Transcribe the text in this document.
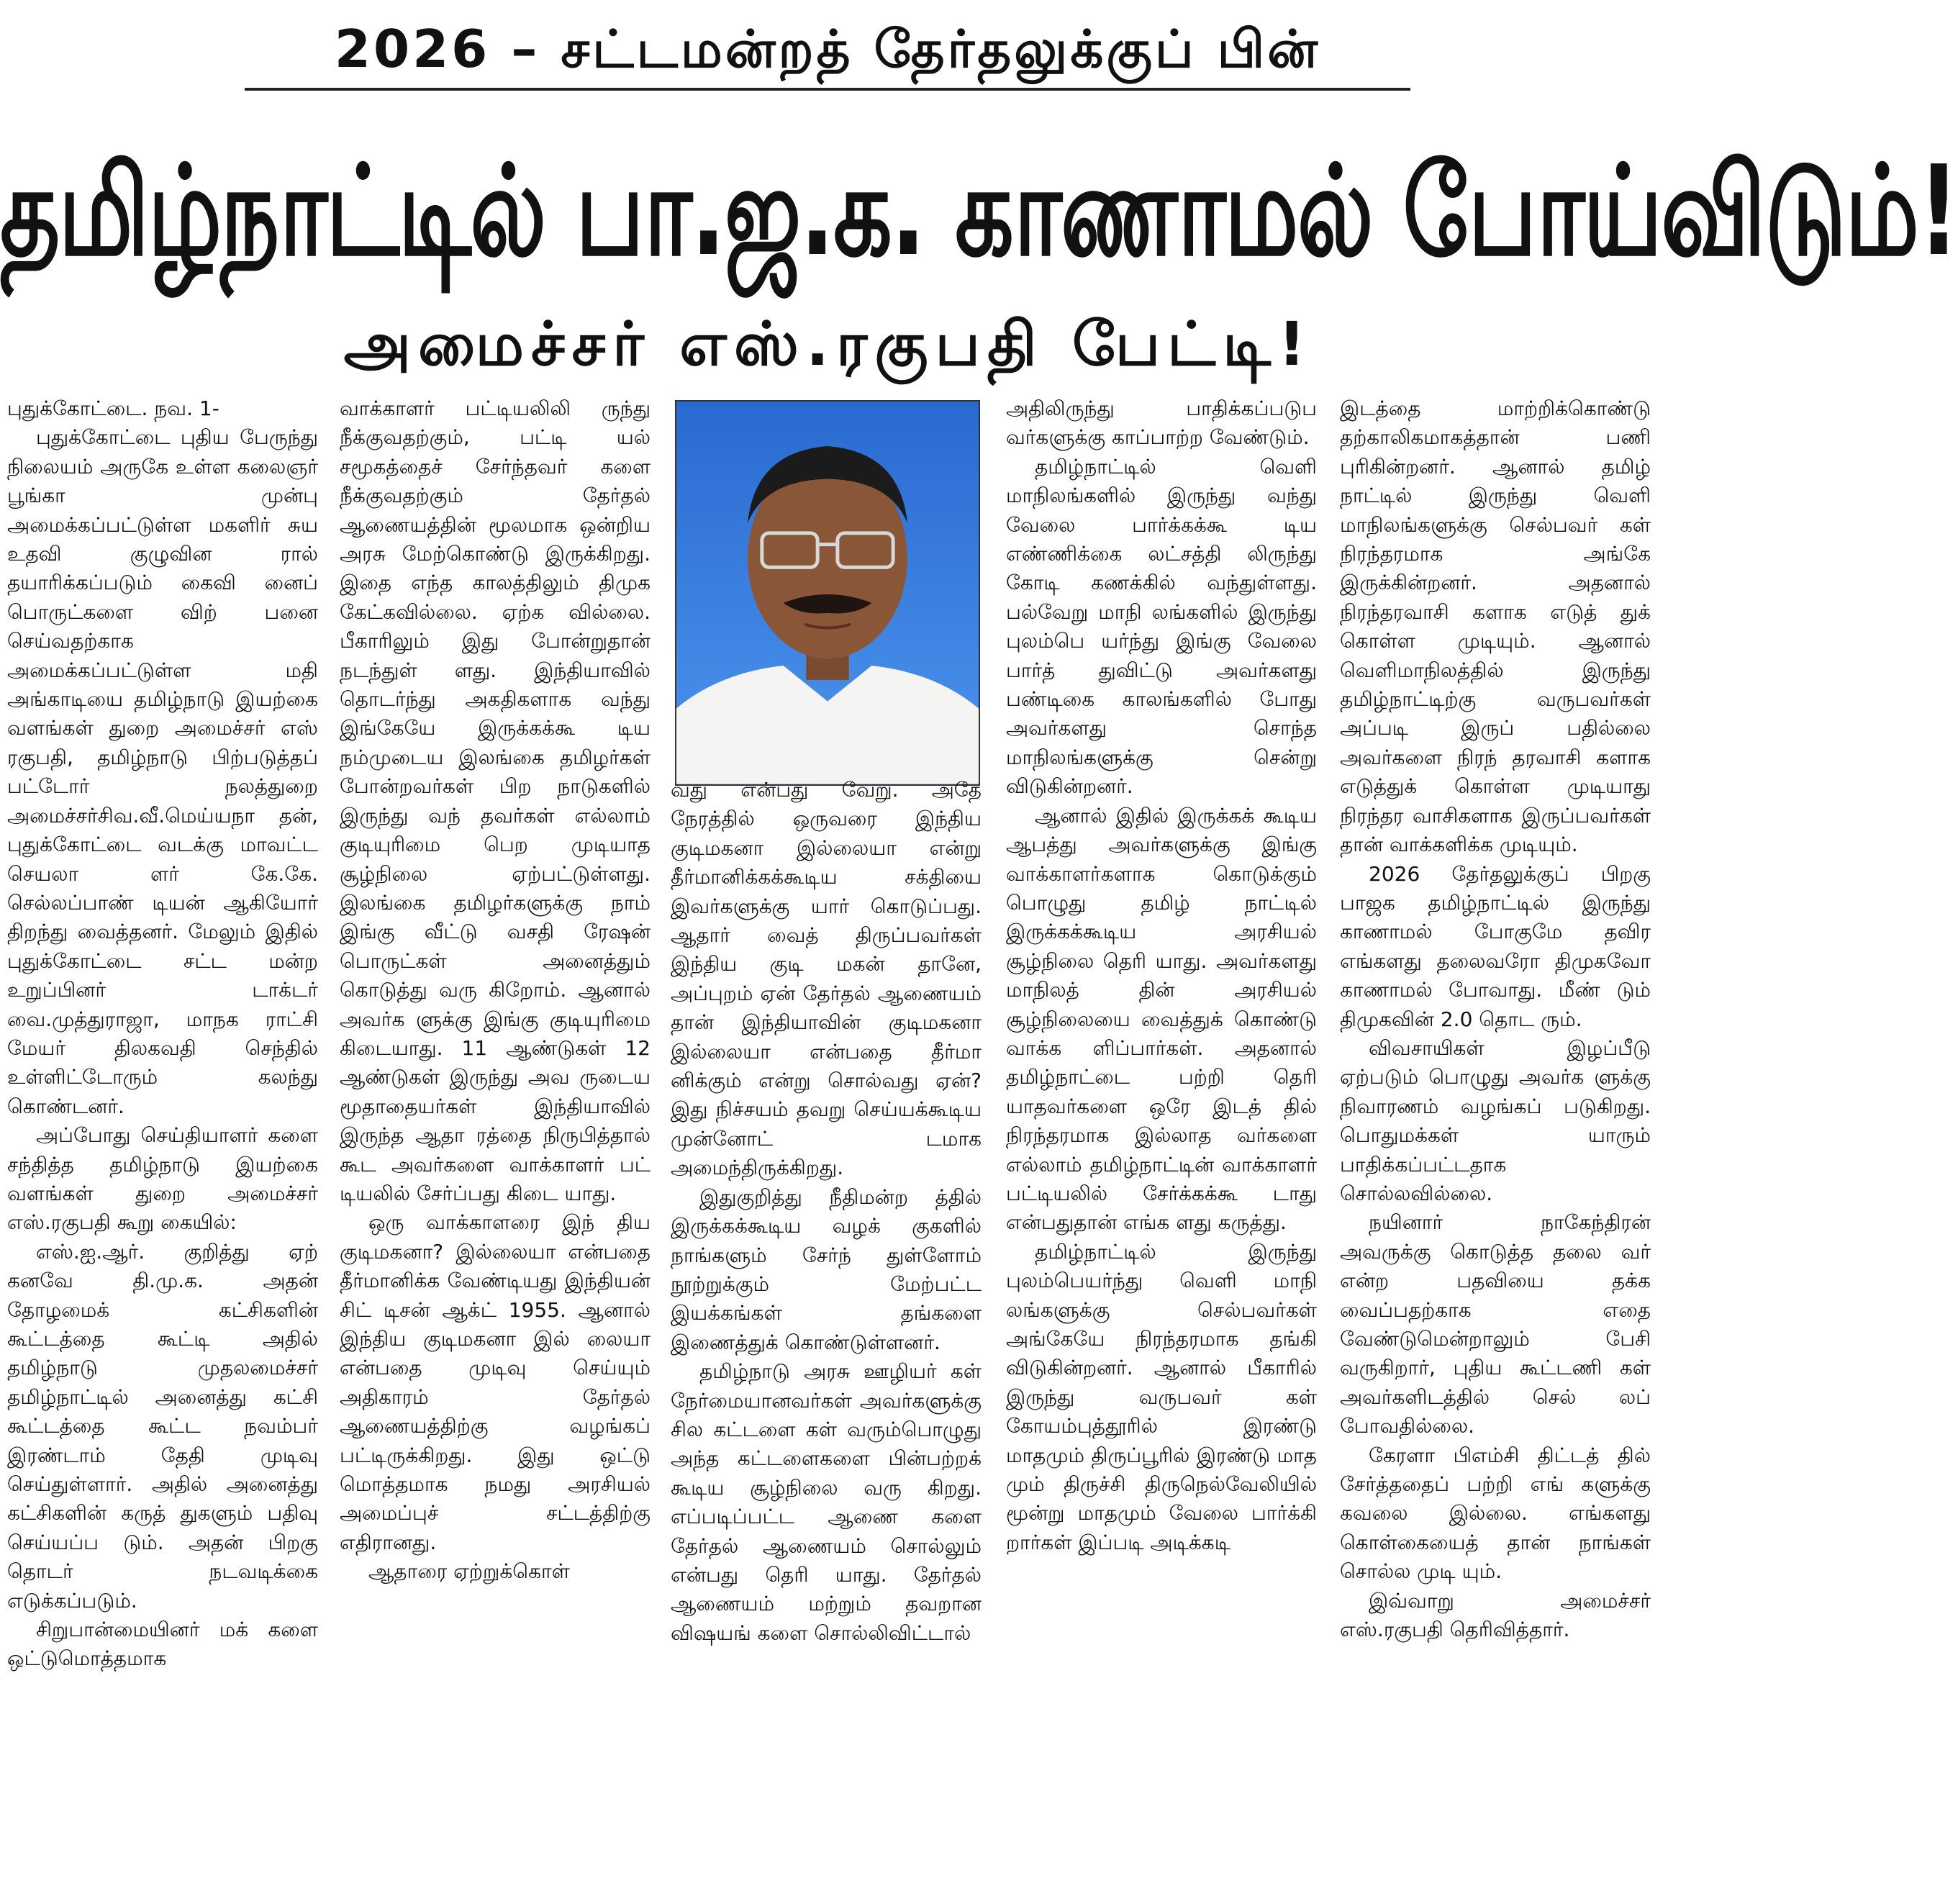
2026 – சட்டமன்றத் தேர்தலுக்குப் பின்
தமிழ்நாட்டில் பா.ஜ.க. காணாமல் போய்விடும்!
அமைச்சர் எஸ்.ரகுபதி பேட்டி!

புதுக்கோட்டை. நவ. 1-

புதுக்கோட்டை புதிய பேருந்து நிலையம் அருகே உள்ள கலைஞர் பூங்கா முன்பு அமைக்கப்பட்டுள்ள மகளிர் சுய உதவி குழுவின ரால் தயாரிக்கப்படும் கைவி னைப் பொருட்களை விற் பனை செய்வதற்காக அமைக்கப்பட்டுள்ள மதி அங்காடியை தமிழ்நாடு இயற்கை வளங்கள் துறை அமைச்சர் எஸ் ரகுபதி, தமிழ்நாடு பிற்படுத்தப் பட்டோர் நலத்துறை அமைச்சர்சிவ.வீ.மெய்யநா தன், புதுக்கோட்டை வடக்கு மாவட்ட செயலா ளர் கே.கே. செல்லப்பாண் டியன் ஆகியோர் திறந்து வைத்தனர். மேலும் இதில் புதுக்கோட்டை சட்ட மன்ற உறுப்பினர் டாக்டர் வை.முத்துராஜா, மாநக ராட்சி மேயர் திலகவதி செந்தில் உள்ளிட்டோரும் கலந்து கொண்டனர்.

அப்போது செய்தியாளர் களை சந்தித்த தமிழ்நாடு இயற்கை வளங்கள் துறை அமைச்சர் எஸ்.ரகுபதி கூறு கையில்:

எஸ்.ஐ.ஆர். குறித்து ஏற் கனவே தி.மு.க. அதன் தோழமைக் கட்சிகளின் கூட்டத்தை கூட்டி அதில் தமிழ்நாடு முதலமைச்சர் தமிழ்நாட்டில் அனைத்து கட்சி கூட்டத்தை கூட்ட நவம்பர் இரண்டாம் தேதி முடிவு செய்துள்ளார். அதில் அனைத்து கட்சிகளின் கருத் துகளும் பதிவு செய்யப்ப டும். அதன் பிறகு தொடர் நடவடிக்கை எடுக்கப்படும்.

சிறுபான்மையினர் மக் களை ஒட்டுமொத்தமாக

வாக்காளர் பட்டியலிலி ருந்து நீக்குவதற்கும், பட்டி யல் சமூகத்தைச் சேர்ந்தவர் களை நீக்குவதற்கும் தேர்தல் ஆணையத்தின் மூலமாக ஒன்றிய அரசு மேற்கொண்டு இருக்கிறது. இதை எந்த காலத்திலும் திமுக கேட்கவில்லை. ஏற்க வில்லை. பீகாரிலும் இது போன்றுதான் நடந்துள் ளது. இந்தியாவில் தொடர்ந்து அகதிகளாக வந்து இங்கேயே இருக்கக்கூ டிய நம்முடைய இலங்கை தமிழர்கள் போன்றவர்கள் பிற நாடுகளில் இருந்து வந் தவர்கள் எல்லாம் குடியுரிமை பெற முடியாத சூழ்நிலை ஏற்பட்டுள்ளது. இலங்கை தமிழர்களுக்கு நாம் இங்கு வீட்டு வசதி ரேஷன் பொருட்கள் அனைத்தும் கொடுத்து வரு கிறோம். ஆனால் அவர்க ளுக்கு இங்கு குடியுரிமை கிடையாது. 11 ஆண்டுகள் 12 ஆண்டுகள் இருந்து அவ ருடைய மூதாதையர்கள் இந்தியாவில் இருந்த ஆதா ரத்தை நிருபித்தால் கூட அவர்களை வாக்காளர் பட் டியலில் சேர்ப்பது கிடை யாது.

ஒரு வாக்காளரை இந் திய குடிமகனா? இல்லையா என்பதை தீர்மானிக்க வேண்டியது இந்தியன் சிட் டிசன் ஆக்ட் 1955. ஆனால் இந்திய குடிமகனா இல் லையா என்பதை முடிவு செய்யும் அதிகாரம் தேர்தல் ஆணையத்திற்கு வழங்கப் பட்டிருக்கிறது. இது ஒட்டு மொத்தமாக நமது அரசியல் அமைப்புச் சட்டத்திற்கு எதிரானது.

ஆதாரை ஏற்றுக்கொள்

வது என்பது வேறு. அதே நேரத்தில் ஒருவரை இந்திய குடிமகனா இல்லையா என்று தீர்மானிக்கக்கூடிய சக்தியை இவர்களுக்கு யார் கொடுப்பது. ஆதார் வைத் திருப்பவர்கள் இந்திய குடி மகன் தானே, அப்புறம் ஏன் தேர்தல் ஆணையம் தான் இந்தியாவின் குடிமகனா இல்லையா என்பதை தீர்மா னிக்கும் என்று சொல்வது ஏன்? இது நிச்சயம் தவறு செய்யக்கூடிய முன்னோட் டமாக அமைந்திருக்கிறது.

இதுகுறித்து நீதிமன்ற த்தில் இருக்கக்கூடிய வழக் குகளில் நாங்களும் சேர்ந் துள்ளோம் நூற்றுக்கும் மேற்பட்ட இயக்கங்கள் தங்களை இணைத்துக் கொண்டுள்ளனர்.

தமிழ்நாடு அரசு ஊழியர் கள் நேர்மையானவர்கள் அவர்களுக்கு சில கட்டளை கள் வரும்பொழுது அந்த கட்டளைகளை பின்பற்றக் கூடிய சூழ்நிலை வரு கிறது. எப்படிப்பட்ட ஆணை களை தேர்தல் ஆணையம் சொல்லும் என்பது தெரி யாது. தேர்தல் ஆணையம் மற்றும் தவறான விஷயங் களை சொல்லிவிட்டால்

அதிலிருந்து பாதிக்கப்படுப வர்களுக்கு காப்பாற்ற வேண்டும்.

தமிழ்நாட்டில் வெளி மாநிலங்களில் இருந்து வந்து வேலை பார்க்கக்கூ டிய எண்ணிக்கை லட்சத்தி லிருந்து கோடி கணக்கில் வந்துள்ளது. பல்வேறு மாநி லங்களில் இருந்து புலம்பெ யர்ந்து இங்கு வேலை பார்த் துவிட்டு அவர்களது பண்டிகை காலங்களில் போது அவர்களது சொந்த மாநிலங்களுக்கு சென்று விடுகின்றனர்.

ஆனால் இதில் இருக்கக் கூடிய ஆபத்து அவர்களுக்கு இங்கு வாக்காளர்களாக கொடுக்கும் பொழுது தமிழ் நாட்டில் இருக்கக்கூடிய அரசியல் சூழ்நிலை தெரி யாது. அவர்களது மாநிலத் தின் அரசியல் சூழ்நிலையை வைத்துக் கொண்டு வாக்க ளிப்பார்கள். அதனால் தமிழ்நாட்டை பற்றி தெரி யாதவர்களை ஒரே இடத் தில் நிரந்தரமாக இல்லாத வர்களை எல்லாம் தமிழ்நாட்டின் வாக்காளர் பட்டியலில் சேர்க்கக்கூ டாது என்பதுதான் எங்க ளது கருத்து.

தமிழ்நாட்டில் இருந்து புலம்பெயர்ந்து வெளி மாநி லங்களுக்கு செல்பவர்கள் அங்கேயே நிரந்தரமாக தங்கி விடுகின்றனர். ஆனால் பீகாரில் இருந்து வருபவர் கள் கோயம்புத்தூரில் இரண்டு மாதமும் திருப்பூரில் இரண்டு மாத மும் திருச்சி திருநெல்வேலியில் மூன்று மாதமும் வேலை பார்க்கி றார்கள் இப்படி அடிக்கடி

இடத்தை மாற்றிக்கொண்டு தற்காலிகமாகத்தான் பணி புரிகின்றனர். ஆனால் தமிழ் நாட்டில் இருந்து வெளி மாநிலங்களுக்கு செல்பவர் கள் நிரந்தரமாக அங்கே இருக்கின்றனர். அதனால் நிரந்தரவாசி களாக எடுத் துக் கொள்ள முடியும். ஆனால் வெளிமாநிலத்தில் இருந்து தமிழ்நாட்டிற்கு வருபவர்கள் அப்படி இருப் பதில்லை அவர்களை நிரந் தரவாசி களாக எடுத்துக் கொள்ள முடியாது நிரந்தர வாசிகளாக இருப்பவர்கள் தான் வாக்களிக்க முடியும்.

2026 தேர்தலுக்குப் பிறகு பாஜக தமிழ்நாட்டில் இருந்து காணாமல் போகுமே தவிர எங்களது தலைவரோ திமுகவோ காணாமல் போவாது. மீண் டும் திமுகவின் 2.0 தொட ரும்.

விவசாயிகள் இழப்பீடு ஏற்படும் பொழுது அவர்க ளுக்கு நிவாரணம் வழங்கப் படுகிறது. பொதுமக்கள் யாரும் பாதிக்கப்பட்டதாக சொல்லவில்லை.

நயினார் நாகேந்திரன் அவருக்கு கொடுத்த தலை வர் என்ற பதவியை தக்க வைப்பதற்காக எதை வேண்டுமென்றாலும் பேசி வருகிறார், புதிய கூட்டணி கள் அவர்களிடத்தில் செல் லப் போவதில்லை.

கேரளா பிஎம்சி திட்டத் தில் சேர்த்ததைப் பற்றி எங் களுக்கு கவலை இல்லை. எங்களது கொள்கையைத் தான் நாங்கள் சொல்ல முடி யும்.

இவ்வாறு அமைச்சர் எஸ்.ரகுபதி தெரிவித்தார்.
